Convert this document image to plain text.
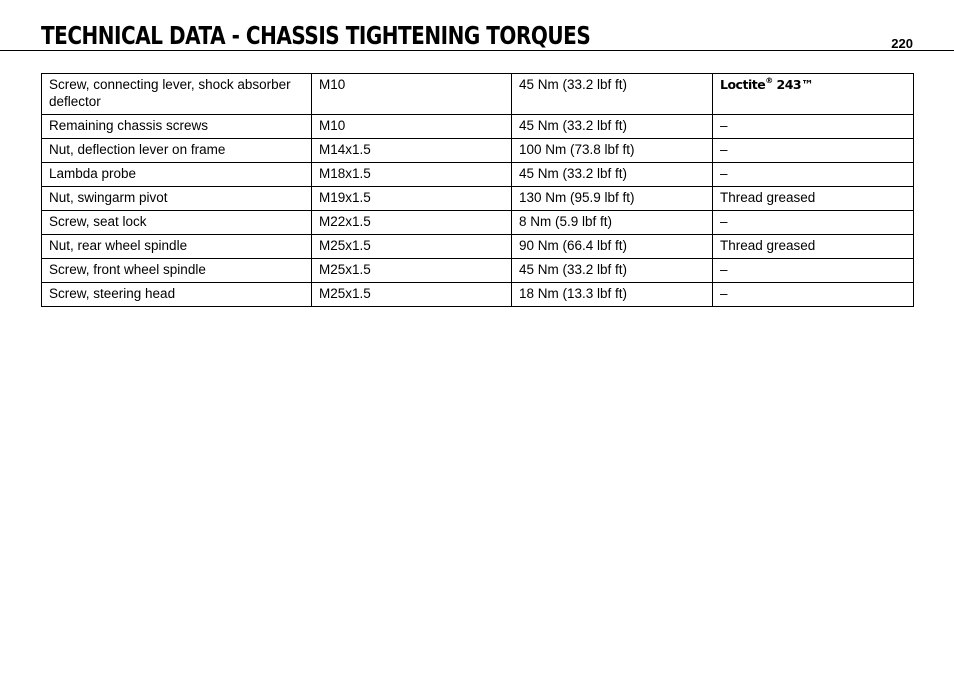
TECHNICAL DATA - CHASSIS TIGHTENING TORQUES	220
Screw, connecting lever, shock absorber deflector	M10	45 Nm (33.2 lbf ft)	Loctite® 243™
Remaining chassis screws	M10	45 Nm (33.2 lbf ft)	–
Nut, deflection lever on frame	M14x1.5	100 Nm (73.8 lbf ft)	–
Lambda probe	M18x1.5	45 Nm (33.2 lbf ft)	–
Nut, swingarm pivot	M19x1.5	130 Nm (95.9 lbf ft)	Thread greased
Screw, seat lock	M22x1.5	8 Nm (5.9 lbf ft)	–
Nut, rear wheel spindle	M25x1.5	90 Nm (66.4 lbf ft)	Thread greased
Screw, front wheel spindle	M25x1.5	45 Nm (33.2 lbf ft)	–
Screw, steering head	M25x1.5	18 Nm (13.3 lbf ft)	–
